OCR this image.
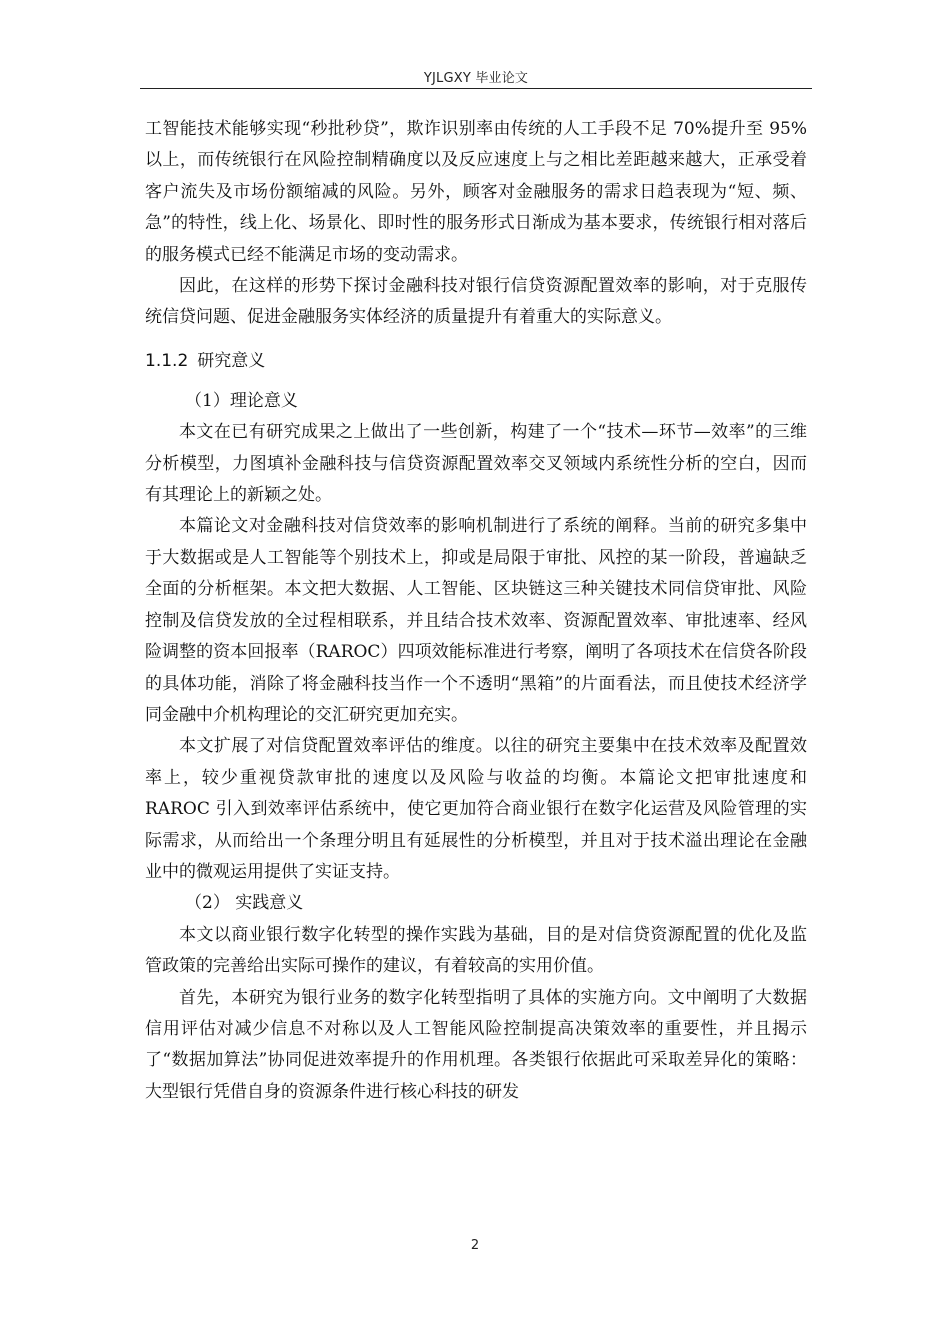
YJLGXY 毕业论文

工智能技术能够实现“秒批秒贷”，欺诈识别率由传统的人工手段不足 70%提升至 95%以上，而传统银行在风险控制精确度以及反应速度上与之相比差距越来越大，正承受着客户流失及市场份额缩减的风险。另外，顾客对金融服务的需求日趋表现为“短、频、急”的特性，线上化、场景化、即时性的服务形式日渐成为基本要求，传统银行相对落后的服务模式已经不能满足市场的变动需求。

因此，在这样的形势下探讨金融科技对银行信贷资源配置效率的影响，对于克服传统信贷问题、促进金融服务实体经济的质量提升有着重大的实际意义。

1.1.2 研究意义

（1）理论意义

本文在已有研究成果之上做出了一些创新，构建了一个“技术—环节—效率”的三维分析模型，力图填补金融科技与信贷资源配置效率交叉领域内系统性分析的空白，因而有其理论上的新颖之处。

本篇论文对金融科技对信贷效率的影响机制进行了系统的阐释。当前的研究多集中于大数据或是人工智能等个别技术上，抑或是局限于审批、风控的某一阶段，普遍缺乏全面的分析框架。本文把大数据、人工智能、区块链这三种关键技术同信贷审批、风险控制及信贷发放的全过程相联系，并且结合技术效率、资源配置效率、审批速率、经风险调整的资本回报率（RAROC）四项效能标准进行考察，阐明了各项技术在信贷各阶段的具体功能，消除了将金融科技当作一个不透明“黑箱”的片面看法，而且使技术经济学同金融中介机构理论的交汇研究更加充实。

本文扩展了对信贷配置效率评估的维度。以往的研究主要集中在技术效率及配置效率上，较少重视贷款审批的速度以及风险与收益的均衡。本篇论文把审批速度和 RAROC 引入到效率评估系统中，使它更加符合商业银行在数字化运营及风险管理的实际需求，从而给出一个条理分明且有延展性的分析模型，并且对于技术溢出理论在金融业中的微观运用提供了实证支持。

（2） 实践意义

本文以商业银行数字化转型的操作实践为基础，目的是对信贷资源配置的优化及监管政策的完善给出实际可操作的建议，有着较高的实用价值。

首先，本研究为银行业务的数字化转型指明了具体的实施方向。文中阐明了大数据信用评估对减少信息不对称以及人工智能风险控制提高决策效率的重要性，并且揭示了“数据加算法”协同促进效率提升的作用机理。各类银行依据此可采取差异化的策略：大型银行凭借自身的资源条件进行核心科技的研发

2
